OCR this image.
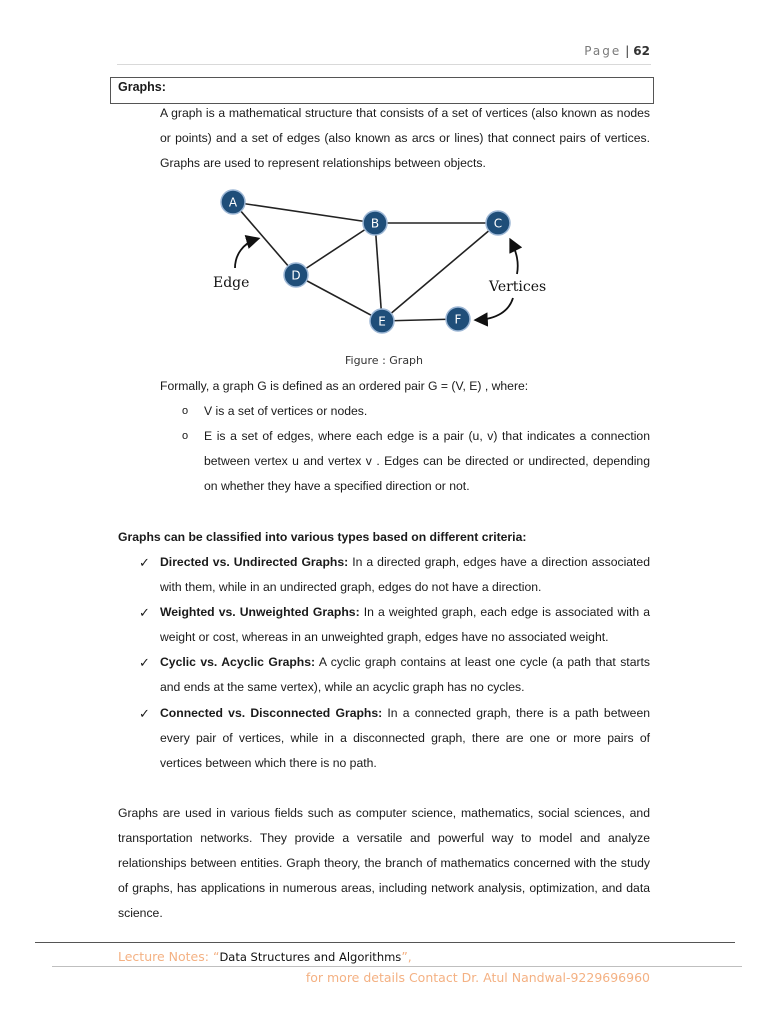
Page | 62
Graphs:
A graph is a mathematical structure that consists of a set of vertices (also known as nodes or points) and a set of edges (also known as arcs or lines) that connect pairs of vertices. Graphs are used to represent relationships between objects.
A
B	C
D
E	F
Edge	Vertices
Figure : Graph
Formally, a graph G is defined as an ordered pair G = (V, E) , where:
o V is a set of vertices or nodes.
o E is a set of edges, where each edge is a pair (u, v) that indicates a connection between vertex u and vertex v . Edges can be directed or undirected, depending on whether they have a specified direction or not.
Graphs can be classified into various types based on different criteria:
✓ Directed vs. Undirected Graphs: In a directed graph, edges have a direction associated with them, while in an undirected graph, edges do not have a direction.
✓ Weighted vs. Unweighted Graphs: In a weighted graph, each edge is associated with a weight or cost, whereas in an unweighted graph, edges have no associated weight.
✓ Cyclic vs. Acyclic Graphs: A cyclic graph contains at least one cycle (a path that starts and ends at the same vertex), while an acyclic graph has no cycles.
✓ Connected vs. Disconnected Graphs: In a connected graph, there is a path between every pair of vertices, while in a disconnected graph, there are one or more pairs of vertices between which there is no path.
Graphs are used in various fields such as computer science, mathematics, social sciences, and transportation networks. They provide a versatile and powerful way to model and analyze relationships between entities. Graph theory, the branch of mathematics concerned with the study of graphs, has applications in numerous areas, including network analysis, optimization, and data science.
Lecture Notes: “Data Structures and Algorithms”,
for more details Contact Dr. Atul Nandwal-9229696960
